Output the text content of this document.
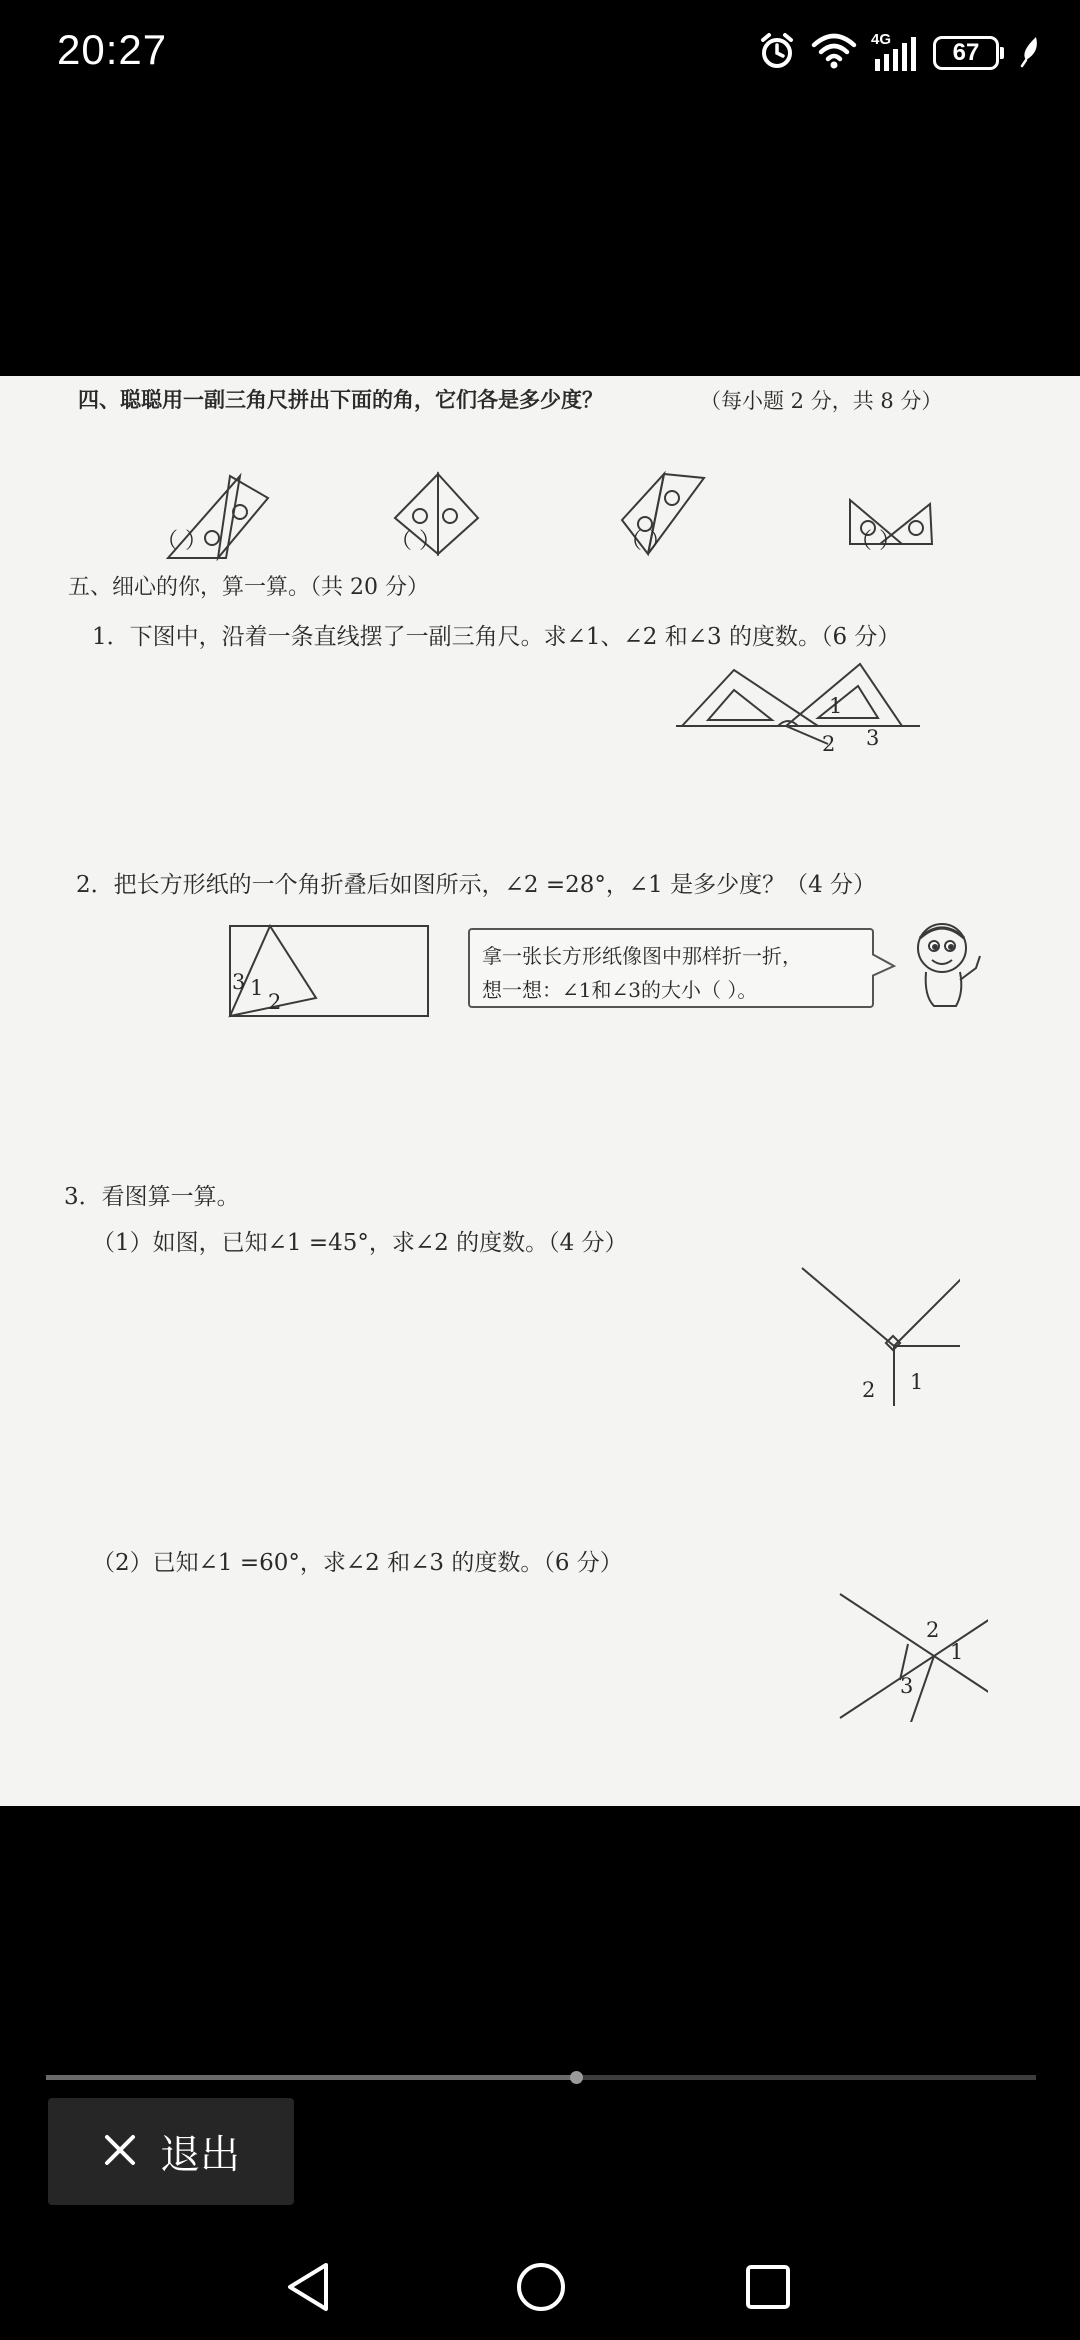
20:27	4G	67
四、聪聪用一副三角尺拼出下面的角，它们各是多少度？	（每小题 2 分，共 8 分）
（ ）	（ ）	（ ）	（ ）
五、细心的你，算一算。（共 20 分）
1．下图中，沿着一条直线摆了一副三角尺。求∠1、∠2 和∠3 的度数。（6 分）
1
2 3
2．把长方形纸的一个角折叠后如图所示，∠2 =28°，∠1 是多少度？（4 分）
3 1
2
拿一张长方形纸像图中那样折一折，
想一想：∠1和∠3的大小（ ）。
3．看图算一算。
（1）如图，已知∠1 =45°，求∠2 的度数。（4 分）
2 1
（2）已知∠1 =60°，求∠2 和∠3 的度数。（6 分）
2
1
3
退出
